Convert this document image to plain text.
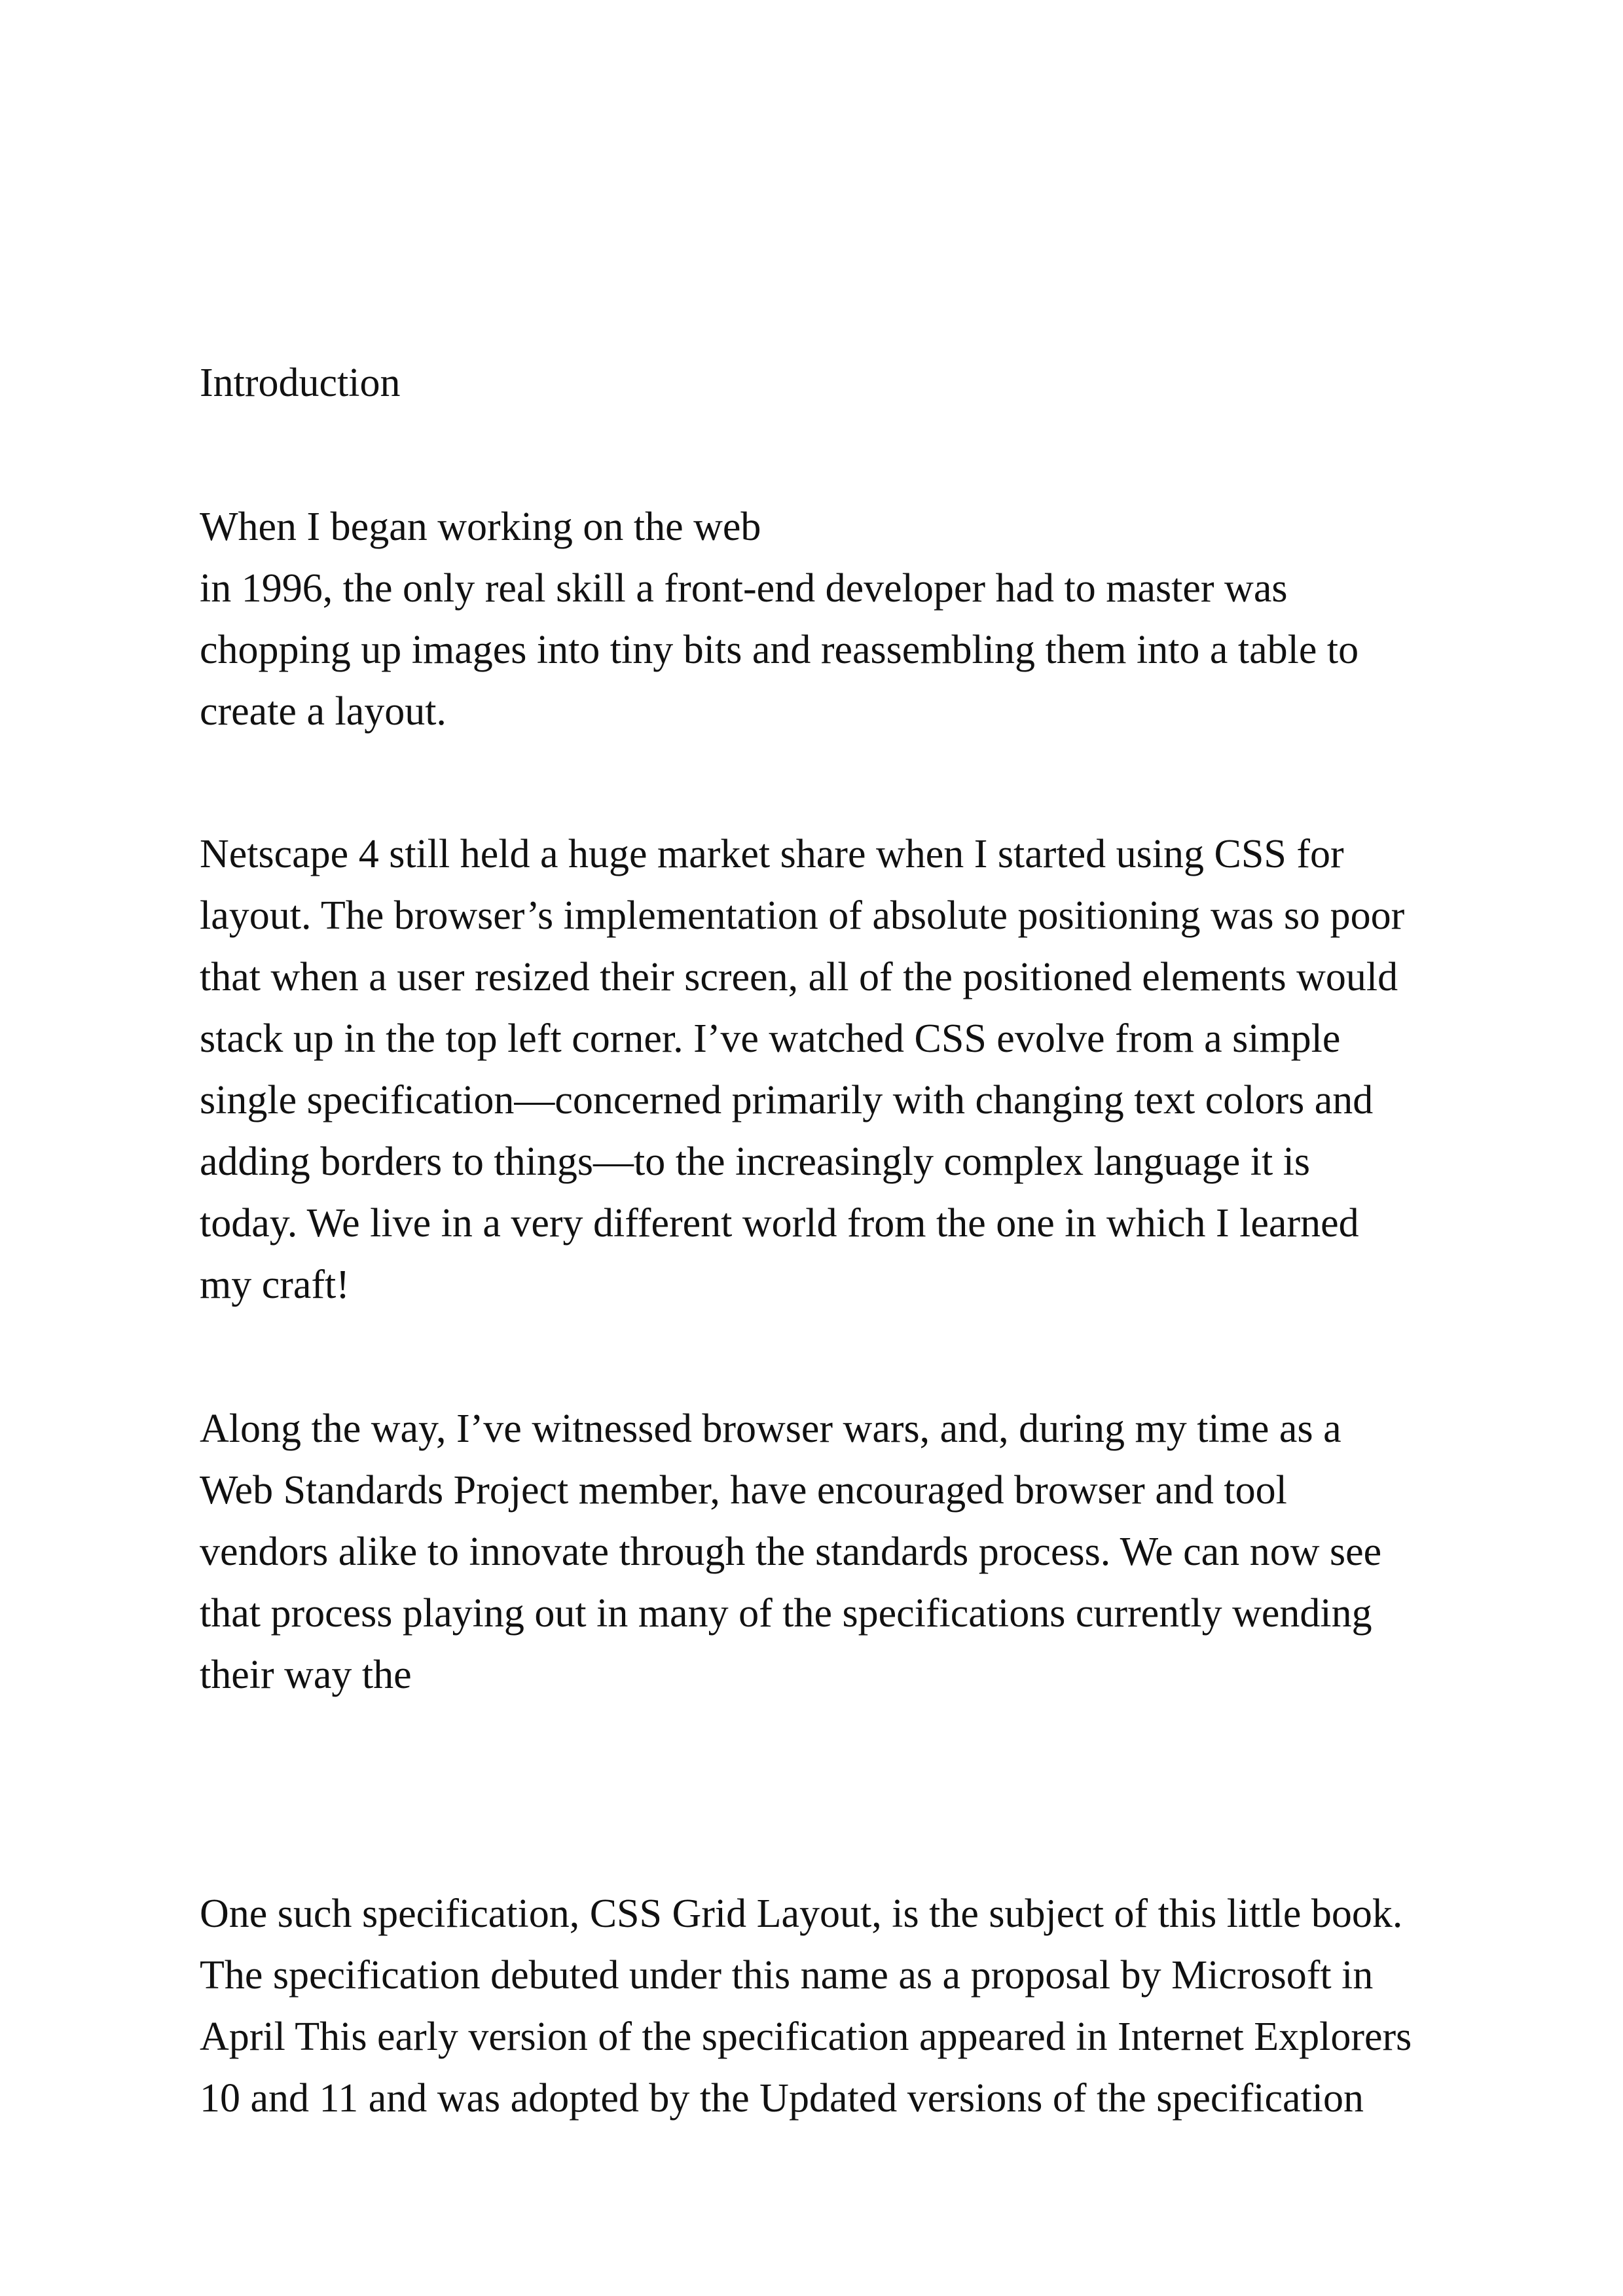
Introduction

When I began working on the web
in 1996, the only real skill a front-end developer had to master was
chopping up images into tiny bits and reassembling them into a table to
create a layout.

Netscape 4 still held a huge market share when I started using CSS for
layout. The browser’s implementation of absolute positioning was so poor
that when a user resized their screen, all of the positioned elements would
stack up in the top left corner. I’ve watched CSS evolve from a simple
single specification—concerned primarily with changing text colors and
adding borders to things—to the increasingly complex language it is
today. We live in a very different world from the one in which I learned
my craft!

Along the way, I’ve witnessed browser wars, and, during my time as a
Web Standards Project member, have encouraged browser and tool
vendors alike to innovate through the standards process. We can now see
that process playing out in many of the specifications currently wending
their way the

One such specification, CSS Grid Layout, is the subject of this little book.
The specification debuted under this name as a proposal by Microsoft in
April This early version of the specification appeared in Internet Explorers
10 and 11 and was adopted by the Updated versions of the specification
